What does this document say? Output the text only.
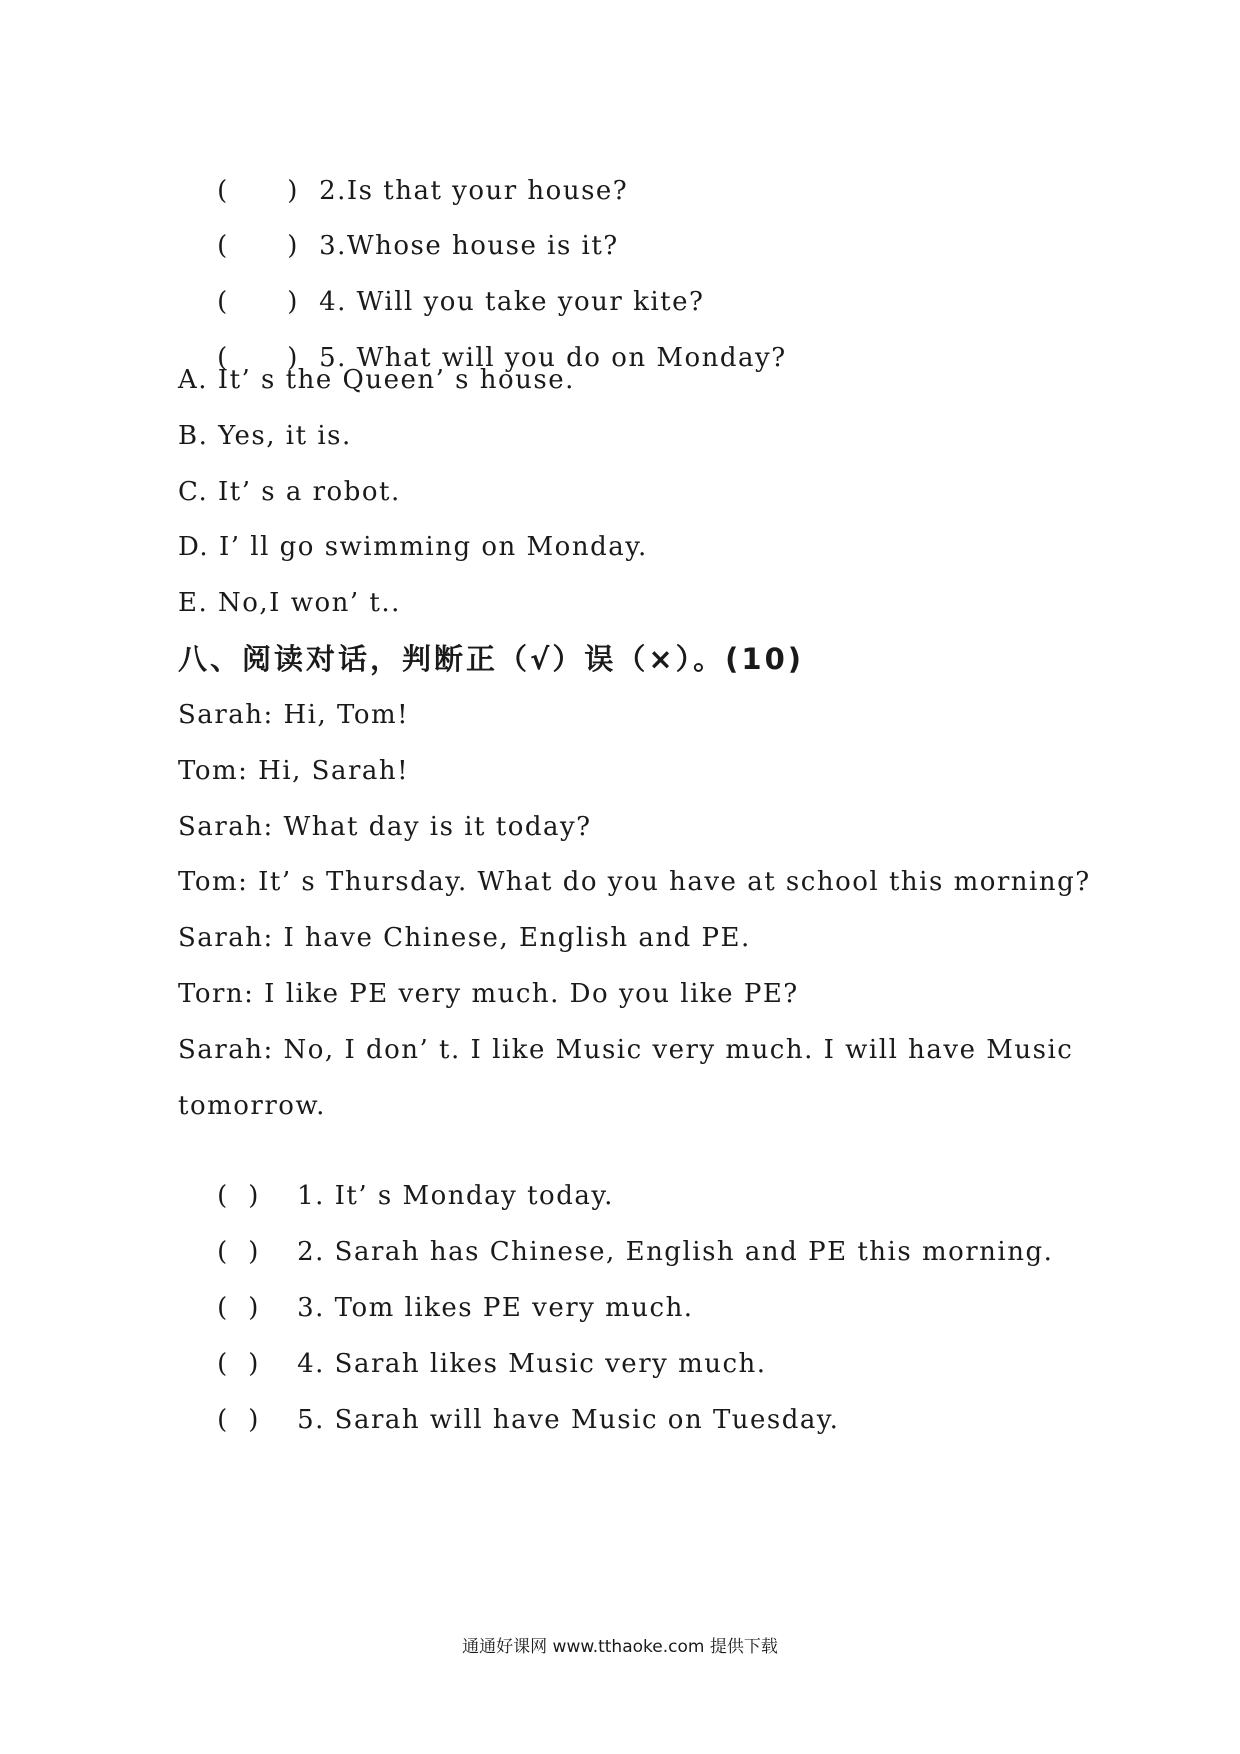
(      ) 2.Is that your house?

(      ) 3.Whose house is it?

(      ) 4. Will you take your kite?

(      ) 5. What will you do on Monday?

A. It’ s the Queen’ s house.
B. Yes, it is.
C. It’ s a robot.
D. I’ ll go swimming on Monday.
E. No,I won’ t..
八、阅读对话，判断正（√）误（×）。(10)
Sarah: Hi, Tom!
Tom: Hi, Sarah!
Sarah: What day is it today?
Tom: It’ s Thursday. What do you have at school this morning?
Sarah: I have Chinese, English and PE.
Torn: I like PE very much. Do you like PE?
Sarah: No, I don’ t. I like Music very much. I will have Music
tomorrow.

(  ) 1. It’ s Monday today.

(  ) 2. Sarah has Chinese, English and PE this morning.

(  ) 3. Tom likes PE very much.

(  ) 4. Sarah likes Music very much.

(  ) 5. Sarah will have Music on Tuesday.

通通好课网 www.tthaoke.com 提供下载
